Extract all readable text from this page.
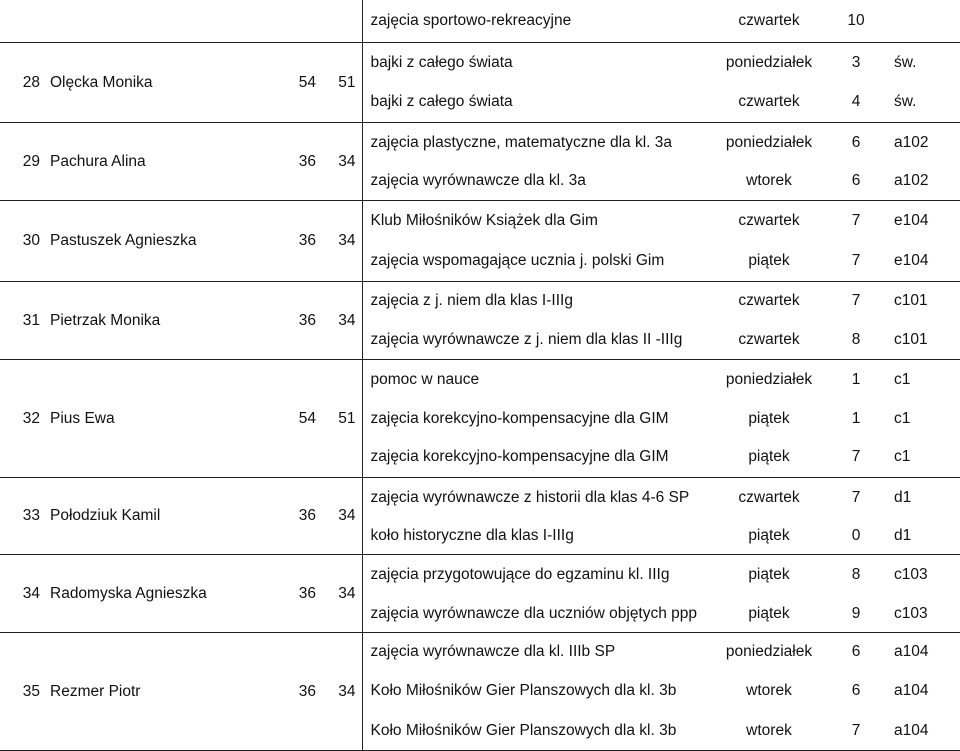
				zajęcia sportowo-rekreacyjne	czwartek	10	
28	Olęcka Monika	54	51	bajki z całego świata	poniedziałek	3	św.
				bajki z całego świata	czwartek	4	św.
29	Pachura Alina	36	34	zajęcia plastyczne, matematyczne dla kl. 3a	poniedziałek	6	a102
				zajęcia wyrównawcze dla kl. 3a	wtorek	6	a102
30	Pastuszek Agnieszka	36	34	Klub Miłośników Książek dla Gim	czwartek	7	e104
				zajęcia wspomagające ucznia j. polski Gim	piątek	7	e104
31	Pietrzak Monika	36	34	zajęcia z j. niem dla klas I-IIIg	czwartek	7	c101
				zajęcia wyrównawcze z j. niem dla klas II -IIIg	czwartek	8	c101
32	Pius Ewa	54	51	pomoc w nauce	poniedziałek	1	c1
				zajęcia korekcyjno-kompensacyjne dla GIM	piątek	1	c1
				zajęcia korekcyjno-kompensacyjne dla GIM	piątek	7	c1
33	Połodziuk Kamil	36	34	zajęcia wyrównawcze z historii dla klas 4-6 SP	czwartek	7	d1
				koło historyczne dla klas I-IIIg	piątek	0	d1
34	Radomyska Agnieszka	36	34	zajęcia przygotowujące do egzaminu kl. IIIg	piątek	8	c103
				zajęcia wyrównawcze dla uczniów objętych ppp	piątek	9	c103
35	Rezmer Piotr	36	34	zajęcia wyrównawcze dla kl. IIIb SP	poniedziałek	6	a104
				Koło Miłośników Gier Planszowych dla kl. 3b	wtorek	6	a104
				Koło Miłośników Gier Planszowych dla kl. 3b	wtorek	7	a104
